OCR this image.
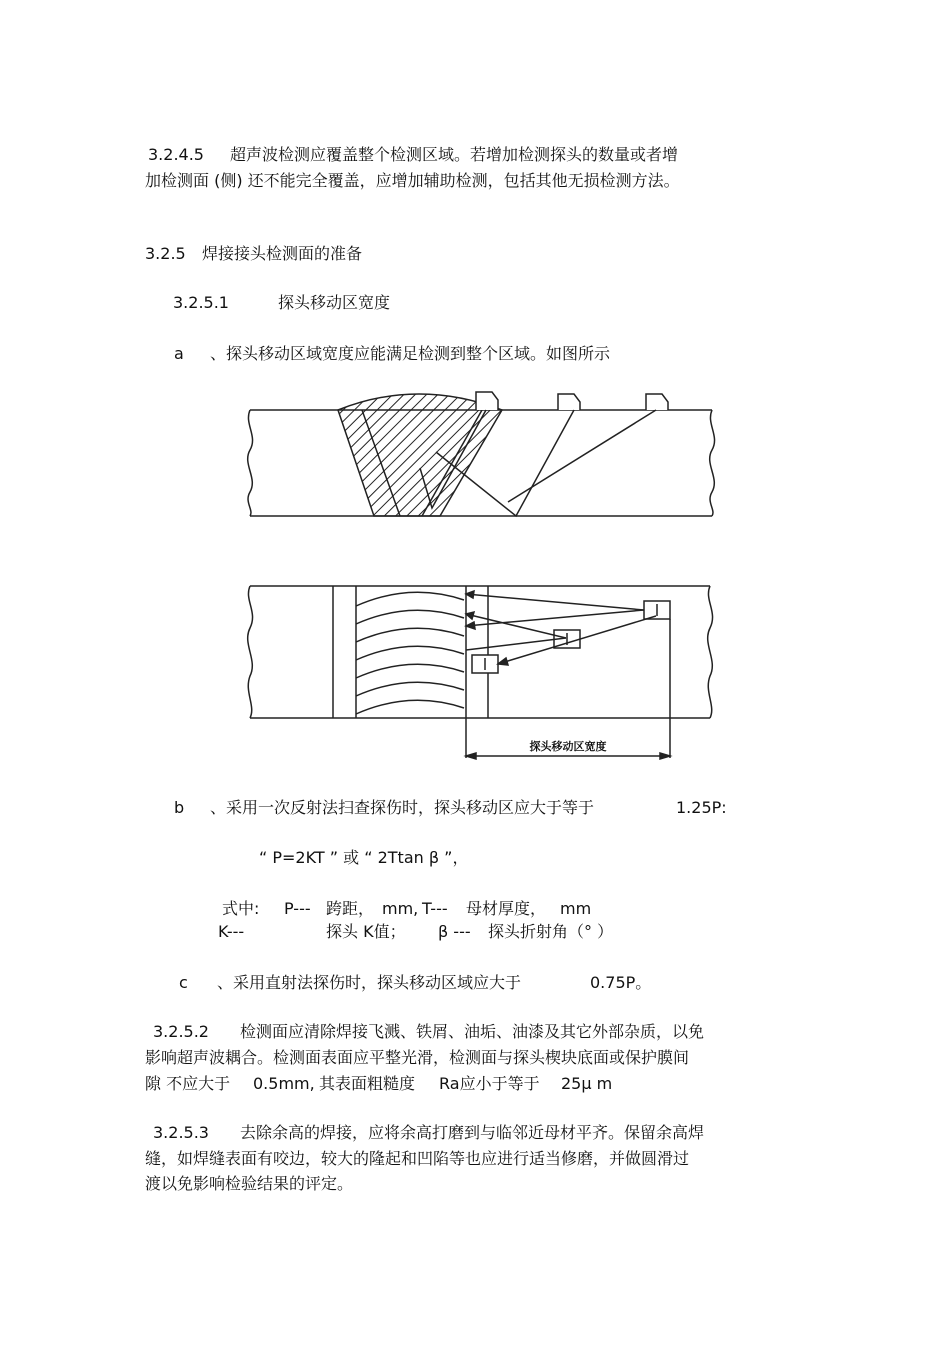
3.2.4.5 超声波检测应覆盖整个检测区域。若增加检测探头的数量或者增
加检测面 (侧) 还不能完全覆盖，应增加辅助检测，包括其他无损检测方法。
3.2.5 焊接接头检测面的准备
3.2.5.1	探头移动区宽度
a 、探头移动区域宽度应能满足检测到整个区域。如图所示
探头移动区宽度
b 、采用一次反射法扫查探伤时，探头移动区应大于等于	1.25P:
“ P=2KT ” 或 “ 2Ttan β ”，
式中: P--- 跨距， mm, T--- 母材厚度， mm
K---	探头 K值； β --- 探头折射角（° ）
c 、采用直射法探伤时，探头移动区域应大于	0.75P。
3.2.5.2 检测面应清除焊接飞溅、铁屑、油垢、油漆及其它外部杂质，以免
影响超声波耦合。检测面表面应平整光滑，检测面与探头楔块底面或保护膜间
隙 不应大于 0.5mm, 其表面粗糙度 Ra应小于等于 25μ m
3.2.5.3 去除余高的焊接，应将余高打磨到与临邻近母材平齐。保留余高焊
缝，如焊缝表面有咬边，较大的隆起和凹陷等也应进行适当修磨，并做圆滑过
渡以免影响检验结果的评定。
